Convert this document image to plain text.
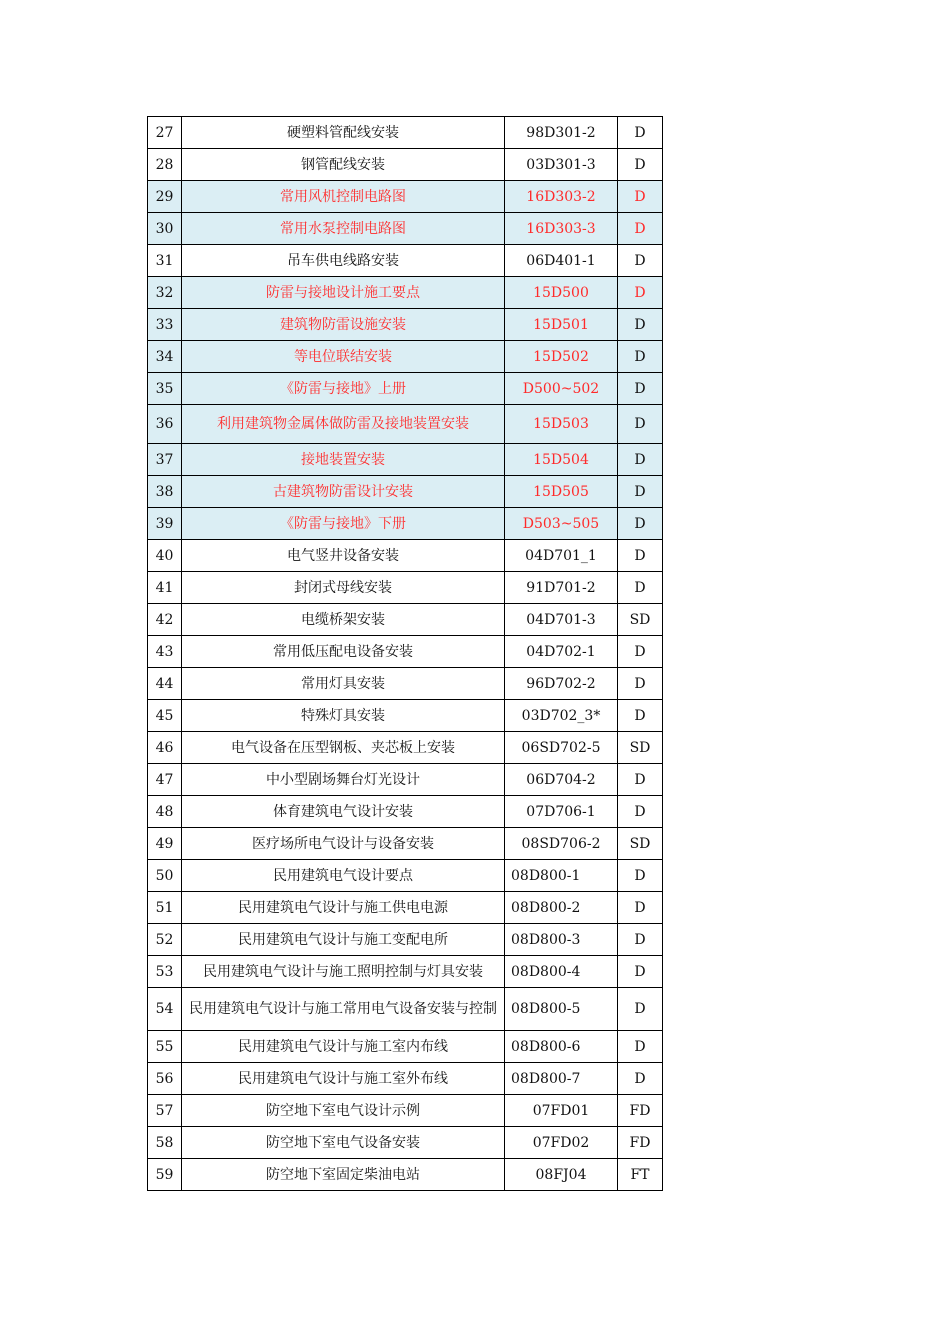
27	硬塑料管配线安装	98D301-2	D
28	钢管配线安装	03D301-3	D
29	常用风机控制电路图	16D303-2	D
30	常用水泵控制电路图	16D303-3	D
31	吊车供电线路安装	06D401-1	D
32	防雷与接地设计施工要点	15D500	D
33	建筑物防雷设施安装	15D501	D
34	等电位联结安装	15D502	D
35	《防雷与接地》上册	D500~502	D
36	利用建筑物金属体做防雷及接地装置安装	15D503	D
37	接地装置安装	15D504	D
38	古建筑物防雷设计安装	15D505	D
39	《防雷与接地》下册	D503~505	D
40	电气竖井设备安装	04D701_1	D
41	封闭式母线安装	91D701-2	D
42	电缆桥架安装	04D701-3	SD
43	常用低压配电设备安装	04D702-1	D
44	常用灯具安装	96D702-2	D
45	特殊灯具安装	03D702_3*	D
46	电气设备在压型钢板、夹芯板上安装	06SD702-5	SD
47	中小型剧场舞台灯光设计	06D704-2	D
48	体育建筑电气设计安装	07D706-1	D
49	医疗场所电气设计与设备安装	08SD706-2	SD
50	民用建筑电气设计要点	08D800-1	D
51	民用建筑电气设计与施工供电电源	08D800-2	D
52	民用建筑电气设计与施工变配电所	08D800-3	D
53	民用建筑电气设计与施工照明控制与灯具安装	08D800-4	D
54	民用建筑电气设计与施工常用电气设备安装与控制	08D800-5	D
55	民用建筑电气设计与施工室内布线	08D800-6	D
56	民用建筑电气设计与施工室外布线	08D800-7	D
57	防空地下室电气设计示例	07FD01	FD
58	防空地下室电气设备安装	07FD02	FD
59	防空地下室固定柴油电站	08FJ04	FT
